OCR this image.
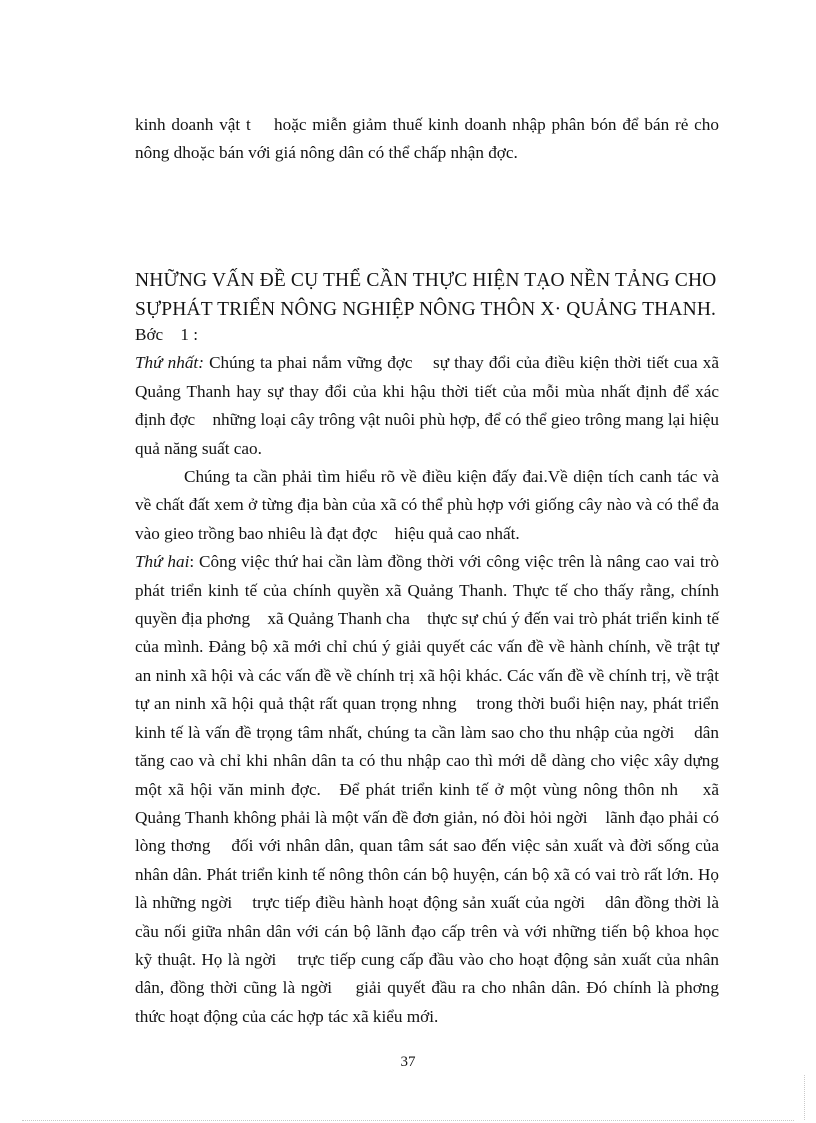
kinh doanh vật t    hoặc miễn giảm thuế kinh doanh nhập phân bón để bán rẻ cho nông dhoặc bán với giá nông dân có thể chấp nhận đợc.

NHỮNG VẤN ĐỀ CỤ THỂ CẦN THỰC HIỆN TẠO NỀN TẢNG CHO SỰPHÁT TRIỂN NÔNG NGHIỆP NÔNG THÔN X· QUẢNG THANH.

Bớc    1 :

Thứ nhất: Chúng ta phai nắm vững đợc    sự thay đổi của điều kiện thời tiết cua xã Quảng Thanh hay sự thay đổi của khi hậu thời tiết của mỗi mùa nhất định để xác định đợc    những loại cây trông vật nuôi phù hợp, để có thể gieo trông mang lại hiệu quả năng suất cao.

Chúng ta cần phải tìm hiểu rõ về điều kiện đấy đai.Về diện tích canh tác và về chất đất xem ở từng địa bàn của xã có thể phù hợp với giống cây nào và có thể đa    vào gieo trồng bao nhiêu là đạt đợc    hiệu quả cao nhất.

Thứ hai: Công việc thứ hai cần làm đồng thời với công việc trên là nâng cao vai trò phát triển kinh tế của chính quyền xã Quảng Thanh. Thực tế cho thấy rằng, chính quyền địa phơng    xã Quảng Thanh cha    thực sự chú ý đến vai trò phát triển kinh tế của mình. Đảng bộ xã mới chỉ chú ý giải quyết các vấn đề về hành chính, về trật tự an ninh xã hội và các vấn đề về chính trị xã hội khác. Các vấn đề về chính trị, về trật tự an ninh xã hội quả thật rất quan trọng nhng    trong thời buổi hiện nay, phát triển kinh tế là vấn đề trọng tâm nhất, chúng ta cần làm sao cho thu nhập của ngời    dân tăng cao và chỉ khi nhân dân ta có thu nhập cao thì mới dễ dàng cho việc xây dựng một xã hội văn minh đợc.   Để phát triển kinh tế ở một vùng nông thôn nh    xã Quảng Thanh không phải là một vấn đề đơn giản, nó đòi hỏi ngời    lãnh đạo phải có lòng thơng    đối với nhân dân, quan tâm sát sao đến việc sản xuất và đời sống của nhân dân. Phát triển kinh tế nông thôn cán bộ huyện, cán bộ xã có vai trò rất lớn. Họ là những ngời    trực tiếp điều hành hoạt động sản xuất của ngời    dân đồng thời là cầu nối giữa nhân dân với cán bộ lãnh đạo cấp trên và với những tiến bộ khoa học kỹ thuật. Họ là ngời    trực tiếp cung cấp đầu vào cho hoạt động sản xuất của nhân dân, đồng thời cũng là ngời    giải quyết đầu ra cho nhân dân. Đó chính là phơng    thức hoạt động của các hợp tác xã kiểu mới.

37
